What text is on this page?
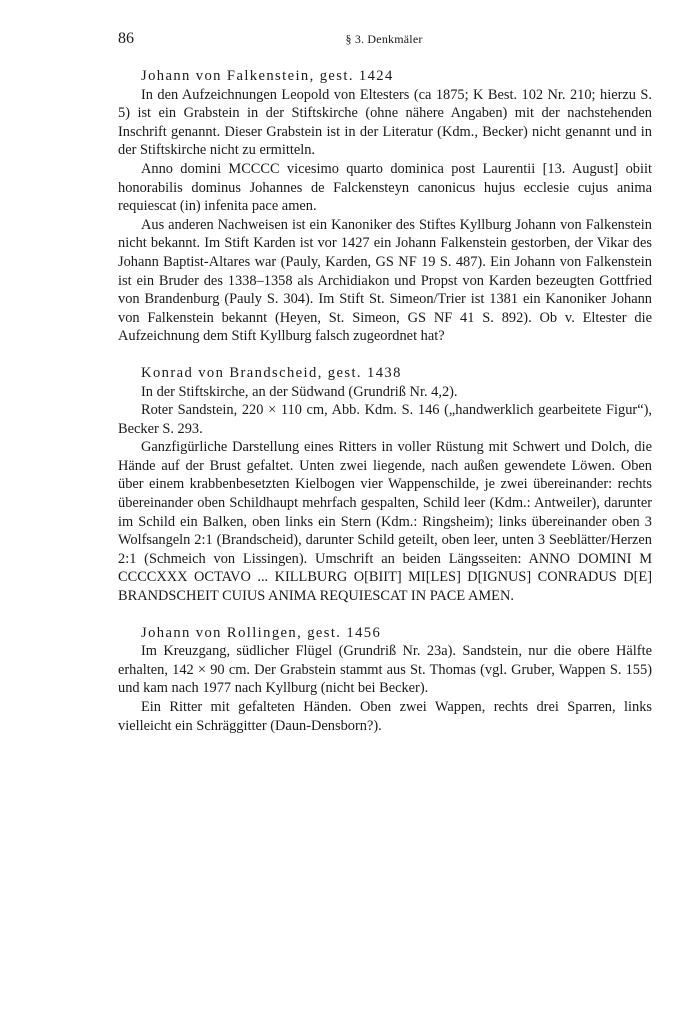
86	§ 3. Denkmäler
Johann von Falkenstein, gest. 1424

In den Aufzeichnungen Leopold von Eltesters (ca 1875; K Best. 102 Nr. 210; hierzu S. 5) ist ein Grabstein in der Stiftskirche (ohne nähere Angaben) mit der nachstehenden Inschrift genannt. Dieser Grabstein ist in der Literatur (Kdm., Becker) nicht genannt und in der Stiftskirche nicht zu ermitteln.

Anno domini MCCCC vicesimo quarto dominica post Laurentii [13. August] obiit honorabilis dominus Johannes de Falckensteyn canonicus hujus ecclesie cujus anima requiescat (in) infenita pace amen.

Aus anderen Nachweisen ist ein Kanoniker des Stiftes Kyllburg Johann von Falkenstein nicht bekannt. Im Stift Karden ist vor 1427 ein Johann Falkenstein gestorben, der Vikar des Johann Baptist-Altares war (Pauly, Karden, GS NF 19 S. 487). Ein Johann von Falkenstein ist ein Bruder des 1338–1358 als Archidiakon und Propst von Karden bezeugten Gottfried von Brandenburg (Pauly S. 304). Im Stift St. Simeon/Trier ist 1381 ein Kanoniker Johann von Falkenstein bekannt (Heyen, St. Simeon, GS NF 41 S. 892). Ob v. Eltester die Aufzeichnung dem Stift Kyllburg falsch zugeordnet hat?

Konrad von Brandscheid, gest. 1438

In der Stiftskirche, an der Südwand (Grundriß Nr. 4,2).

Roter Sandstein, 220 × 110 cm, Abb. Kdm. S. 146 („handwerklich gearbeitete Figur“), Becker S. 293.

Ganzfigürliche Darstellung eines Ritters in voller Rüstung mit Schwert und Dolch, die Hände auf der Brust gefaltet. Unten zwei liegende, nach außen gewendete Löwen. Oben über einem krabbenbesetzten Kielbogen vier Wappenschilde, je zwei übereinander: rechts übereinander oben Schildhaupt mehrfach gespalten, Schild leer (Kdm.: Antweiler), darunter im Schild ein Balken, oben links ein Stern (Kdm.: Ringsheim); links übereinander oben 3 Wolfsangeln 2:1 (Brandscheid), darunter Schild geteilt, oben leer, unten 3 Seeblätter/Herzen 2:1 (Schmeich von Lissingen). Umschrift an beiden Längsseiten: ANNO DOMINI M CCCCXXX OCTAVO ... KILLBURG O[BIIT] MI[LES] D[IGNUS] CONRADUS D[E] BRANDSCHEIT CUIUS ANIMA REQUIESCAT IN PACE AMEN.

Johann von Rollingen, gest. 1456

Im Kreuzgang, südlicher Flügel (Grundriß Nr. 23a). Sandstein, nur die obere Hälfte erhalten, 142 × 90 cm. Der Grabstein stammt aus St. Thomas (vgl. Gruber, Wappen S. 155) und kam nach 1977 nach Kyllburg (nicht bei Becker).

Ein Ritter mit gefalteten Händen. Oben zwei Wappen, rechts drei Sparren, links vielleicht ein Schräggitter (Daun-Densborn?).
